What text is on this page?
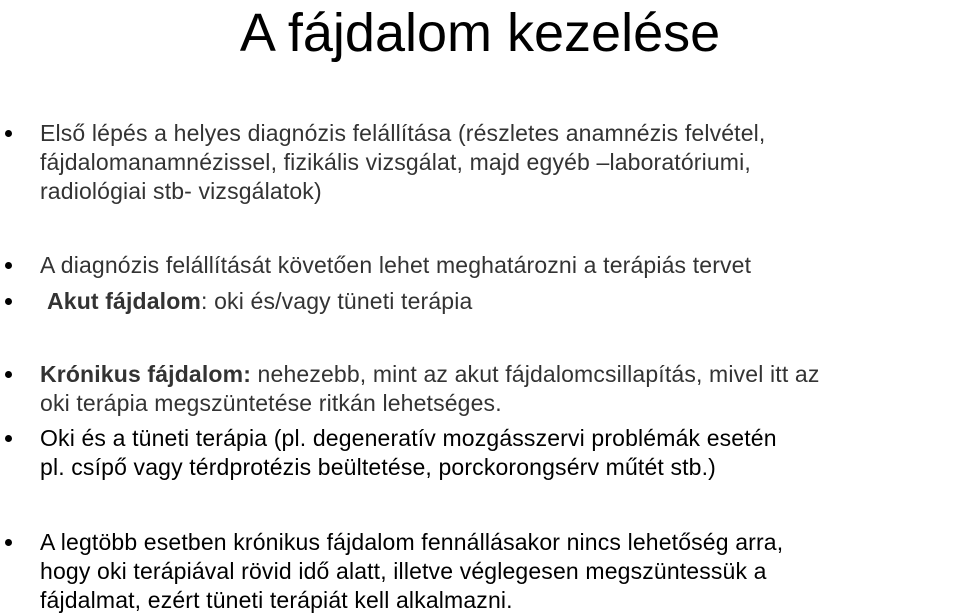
A fájdalom kezelése
Első lépés a helyes diagnózis felállítása (részletes anamnézis felvétel,
fájdalomanamnézissel, fizikális vizsgálat, majd egyéb –laboratóriumi,
radiológiai stb- vizsgálatok)
A diagnózis felállítását követően lehet meghatározni a terápiás tervet
Akut fájdalom: oki és/vagy tüneti terápia
Krónikus fájdalom: nehezebb, mint az akut fájdalomcsillapítás, mivel itt az
oki terápia megszüntetése ritkán lehetséges.
Oki és a tüneti terápia (pl. degeneratív mozgásszervi problémák esetén
pl. csípő vagy térdprotézis beültetése, porckorongsérv műtét stb.)
A legtöbb esetben krónikus fájdalom fennállásakor nincs lehetőség arra,
hogy oki terápiával rövid idő alatt, illetve véglegesen megszüntessük a
fájdalmat, ezért tüneti terápiát kell alkalmazni.
